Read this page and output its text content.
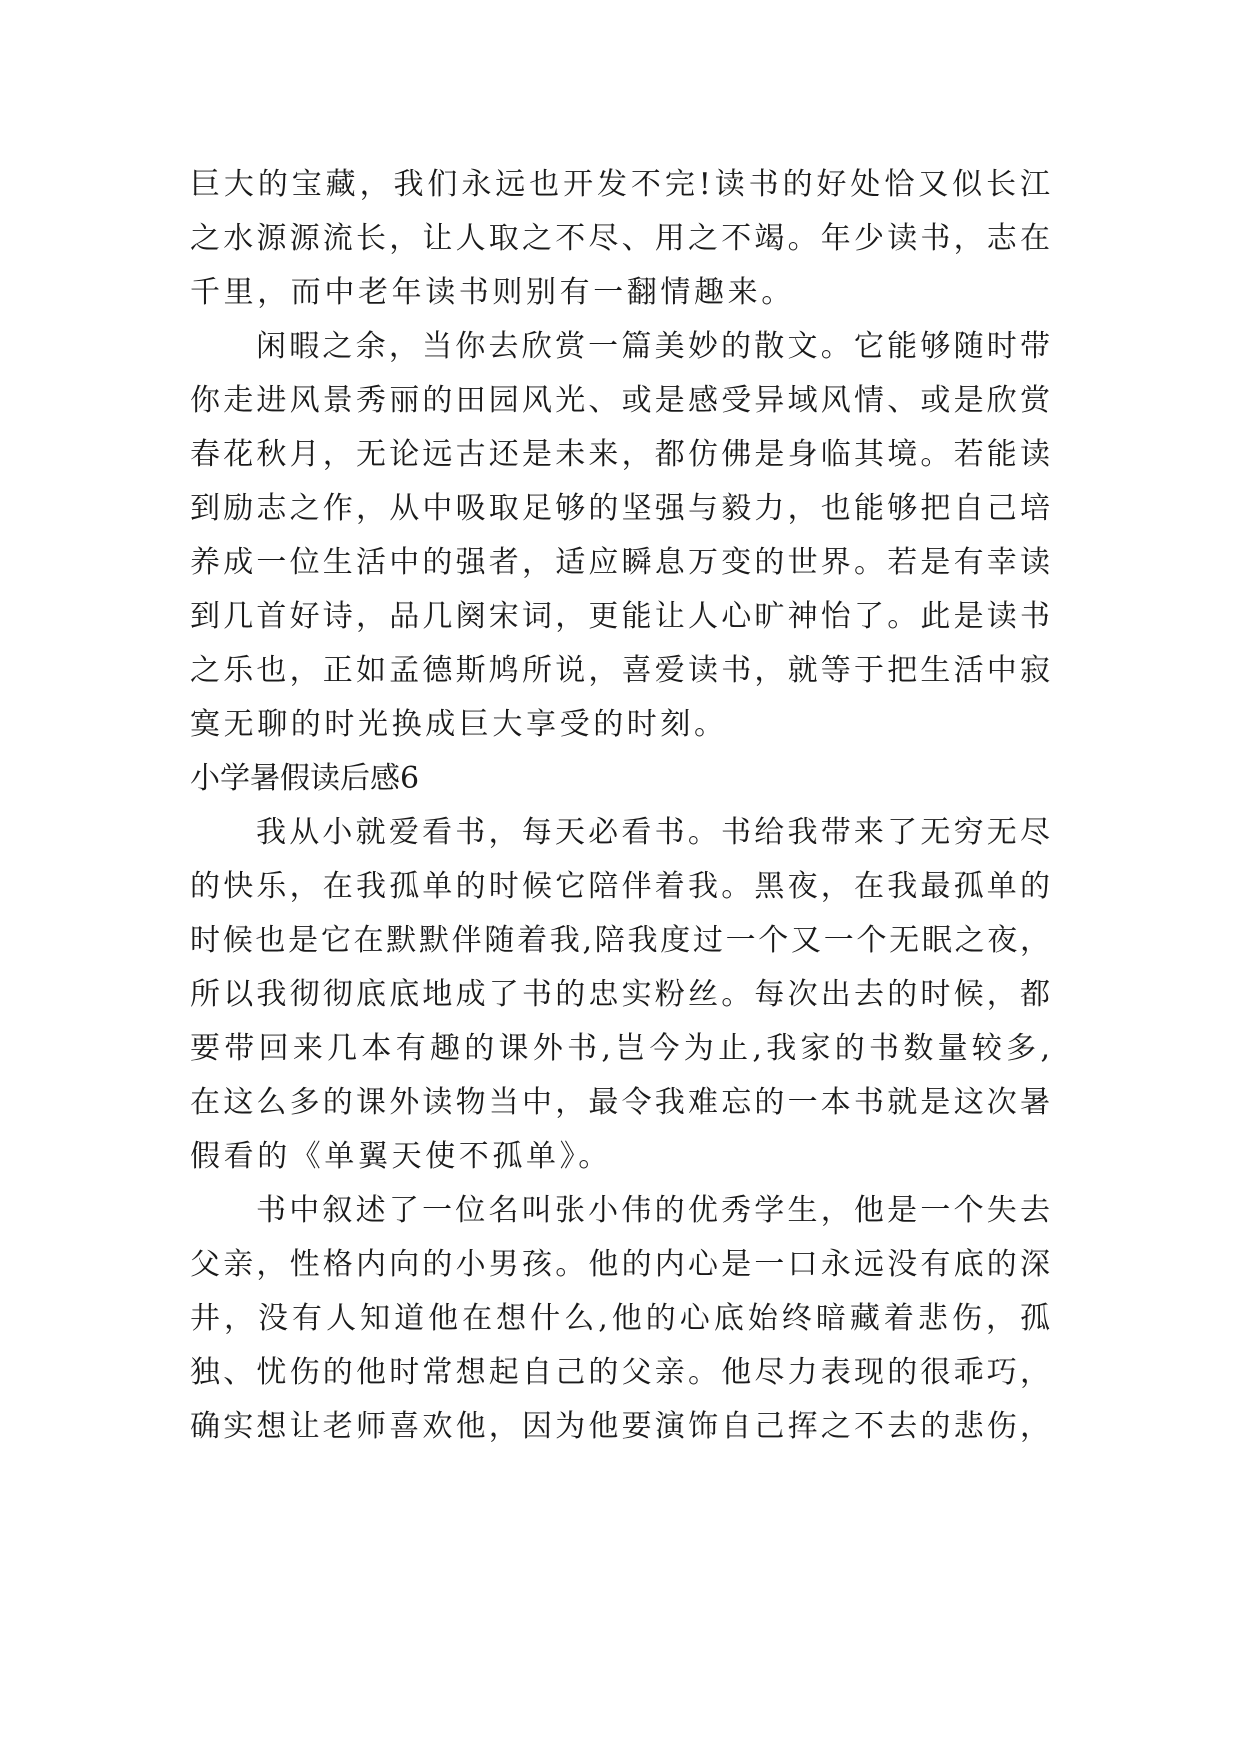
巨大的宝藏，我们永远也开发不完!读书的好处恰又似长江
之水源源流长，让人取之不尽、用之不竭。年少读书，志在
千里，而中老年读书则别有一翻情趣来。
闲暇之余，当你去欣赏一篇美妙的散文。它能够随时带
你走进风景秀丽的田园风光、或是感受异域风情、或是欣赏
春花秋月，无论远古还是未来，都仿佛是身临其境。若能读
到励志之作，从中吸取足够的坚强与毅力，也能够把自己培
养成一位生活中的强者，适应瞬息万变的世界。若是有幸读
到几首好诗，品几阕宋词，更能让人心旷神怡了。此是读书
之乐也，正如孟德斯鸠所说，喜爱读书，就等于把生活中寂
寞无聊的时光换成巨大享受的时刻。
小学暑假读后感6
我从小就爱看书，每天必看书。书给我带来了无穷无尽
的快乐，在我孤单的时候它陪伴着我。黑夜，在我最孤单的
时候也是它在默默伴随着我,陪我度过一个又一个无眠之夜，
所以我彻彻底底地成了书的忠实粉丝。每次出去的时候，都
要带回来几本有趣的课外书,岂今为止,我家的书数量较多,
在这么多的课外读物当中，最令我难忘的一本书就是这次暑
假看的《单翼天使不孤单》。
书中叙述了一位名叫张小伟的优秀学生，他是一个失去
父亲，性格内向的小男孩。他的内心是一口永远没有底的深
井，没有人知道他在想什么,他的心底始终暗藏着悲伤，孤
独、忧伤的他时常想起自己的父亲。他尽力表现的很乖巧，
确实想让老师喜欢他，因为他要演饰自己挥之不去的悲伤，
